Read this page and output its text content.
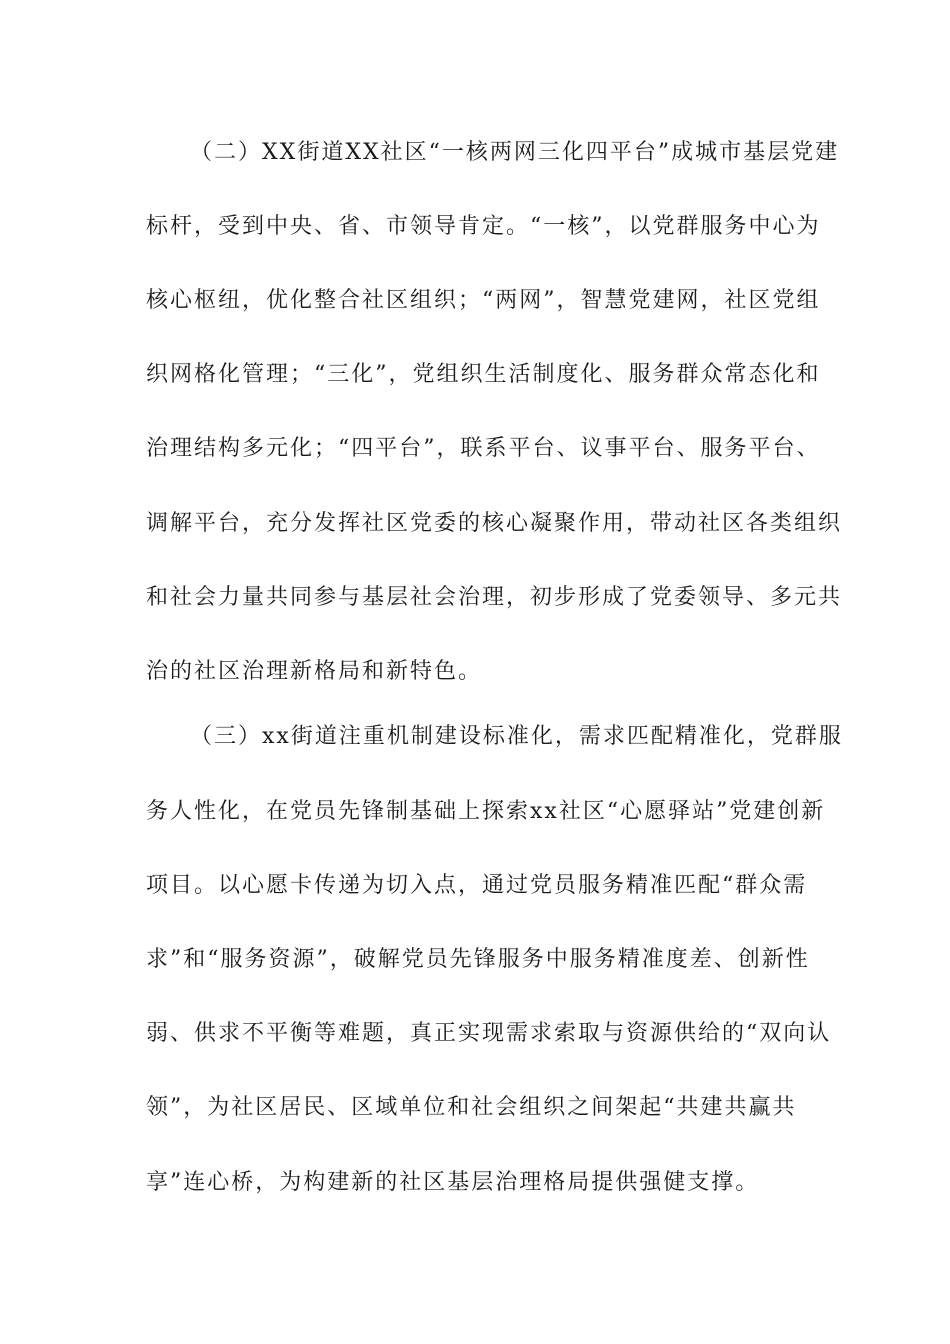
（二）XX街道XX社区“一核两网三化四平台”成城市基层党建
标杆，受到中央、省、市领导肯定。“一核”，以党群服务中心为
核心枢纽，优化整合社区组织；“两网”，智慧党建网，社区党组
织网格化管理；“三化”，党组织生活制度化、服务群众常态化和
治理结构多元化；“四平台”，联系平台、议事平台、服务平台、
调解平台，充分发挥社区党委的核心凝聚作用，带动社区各类组织
和社会力量共同参与基层社会治理，初步形成了党委领导、多元共
治的社区治理新格局和新特色。
（三）xx街道注重机制建设标准化，需求匹配精准化，党群服
务人性化，在党员先锋制基础上探索xx社区“心愿驿站”党建创新
项目。以心愿卡传递为切入点，通过党员服务精准匹配“群众需
求”和“服务资源”，破解党员先锋服务中服务精准度差、创新性
弱、供求不平衡等难题，真正实现需求索取与资源供给的“双向认
领”，为社区居民、区域单位和社会组织之间架起“共建共赢共
享”连心桥，为构建新的社区基层治理格局提供强健支撑。
